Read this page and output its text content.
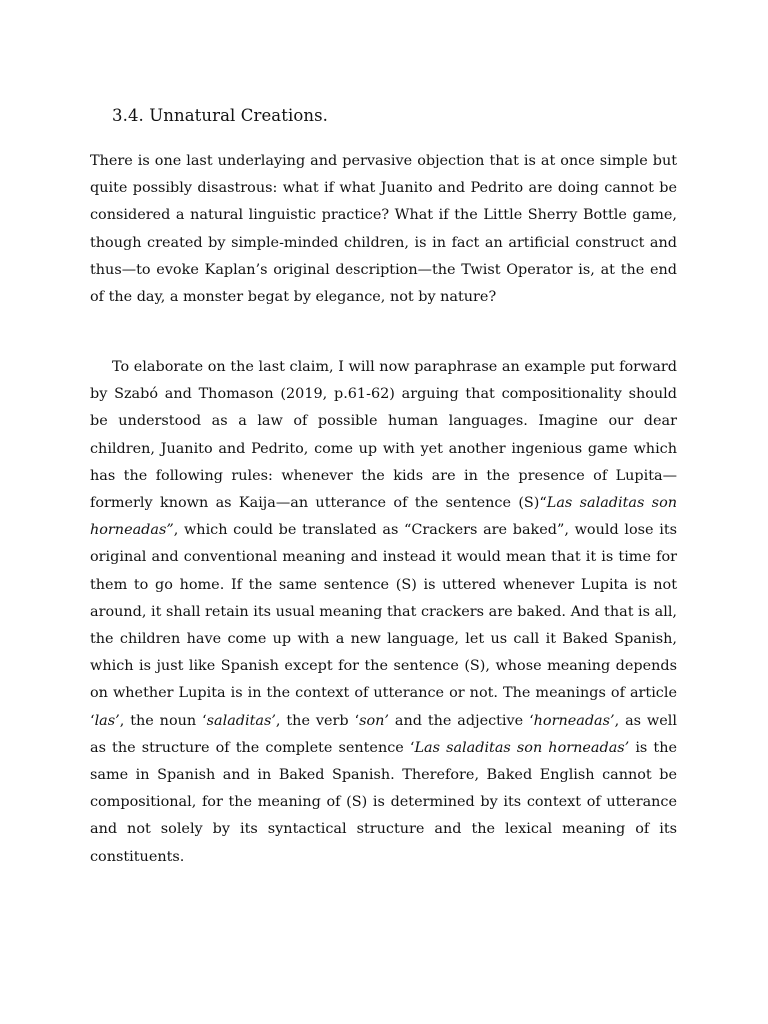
3.4. Unnatural Creations.

There is one last underlaying and pervasive objection that is at once simple but quite possibly disastrous: what if what Juanito and Pedrito are doing cannot be considered a natural linguistic practice? What if the Little Sherry Bottle game, though created by simple-minded children, is in fact an artificial construct and thus—to evoke Kaplan’s original description—the Twist Operator is, at the end of the day, a monster begat by elegance, not by nature?

To elaborate on the last claim, I will now paraphrase an example put forward by Szabó and Thomason (2019, p.61-62) arguing that compositionality should be understood as a law of possible human languages. Imagine our dear children, Juanito and Pedrito, come up with yet another ingenious game which has the following rules: whenever the kids are in the presence of Lupita—formerly known as Kaija—an utterance of the sentence (S)“Las saladitas son horneadas”, which could be translated as “Crackers are baked”, would lose its original and conventional meaning and instead it would mean that it is time for them to go home. If the same sentence (S) is uttered whenever Lupita is not around, it shall retain its usual meaning that crackers are baked. And that is all, the children have come up with a new language, let us call it Baked Spanish, which is just like Spanish except for the sentence (S), whose meaning depends on whether Lupita is in the context of utterance or not. The meanings of article ‘las’, the noun ‘saladitas’, the verb ‘son’ and the adjective ‘horneadas’, as well as the structure of the complete sentence ‘Las saladitas son horneadas’ is the same in Spanish and in Baked Spanish. Therefore, Baked English cannot be compositional, for the meaning of (S) is determined by its context of utterance and not solely by its syntactical structure and the lexical meaning of its constituents.
